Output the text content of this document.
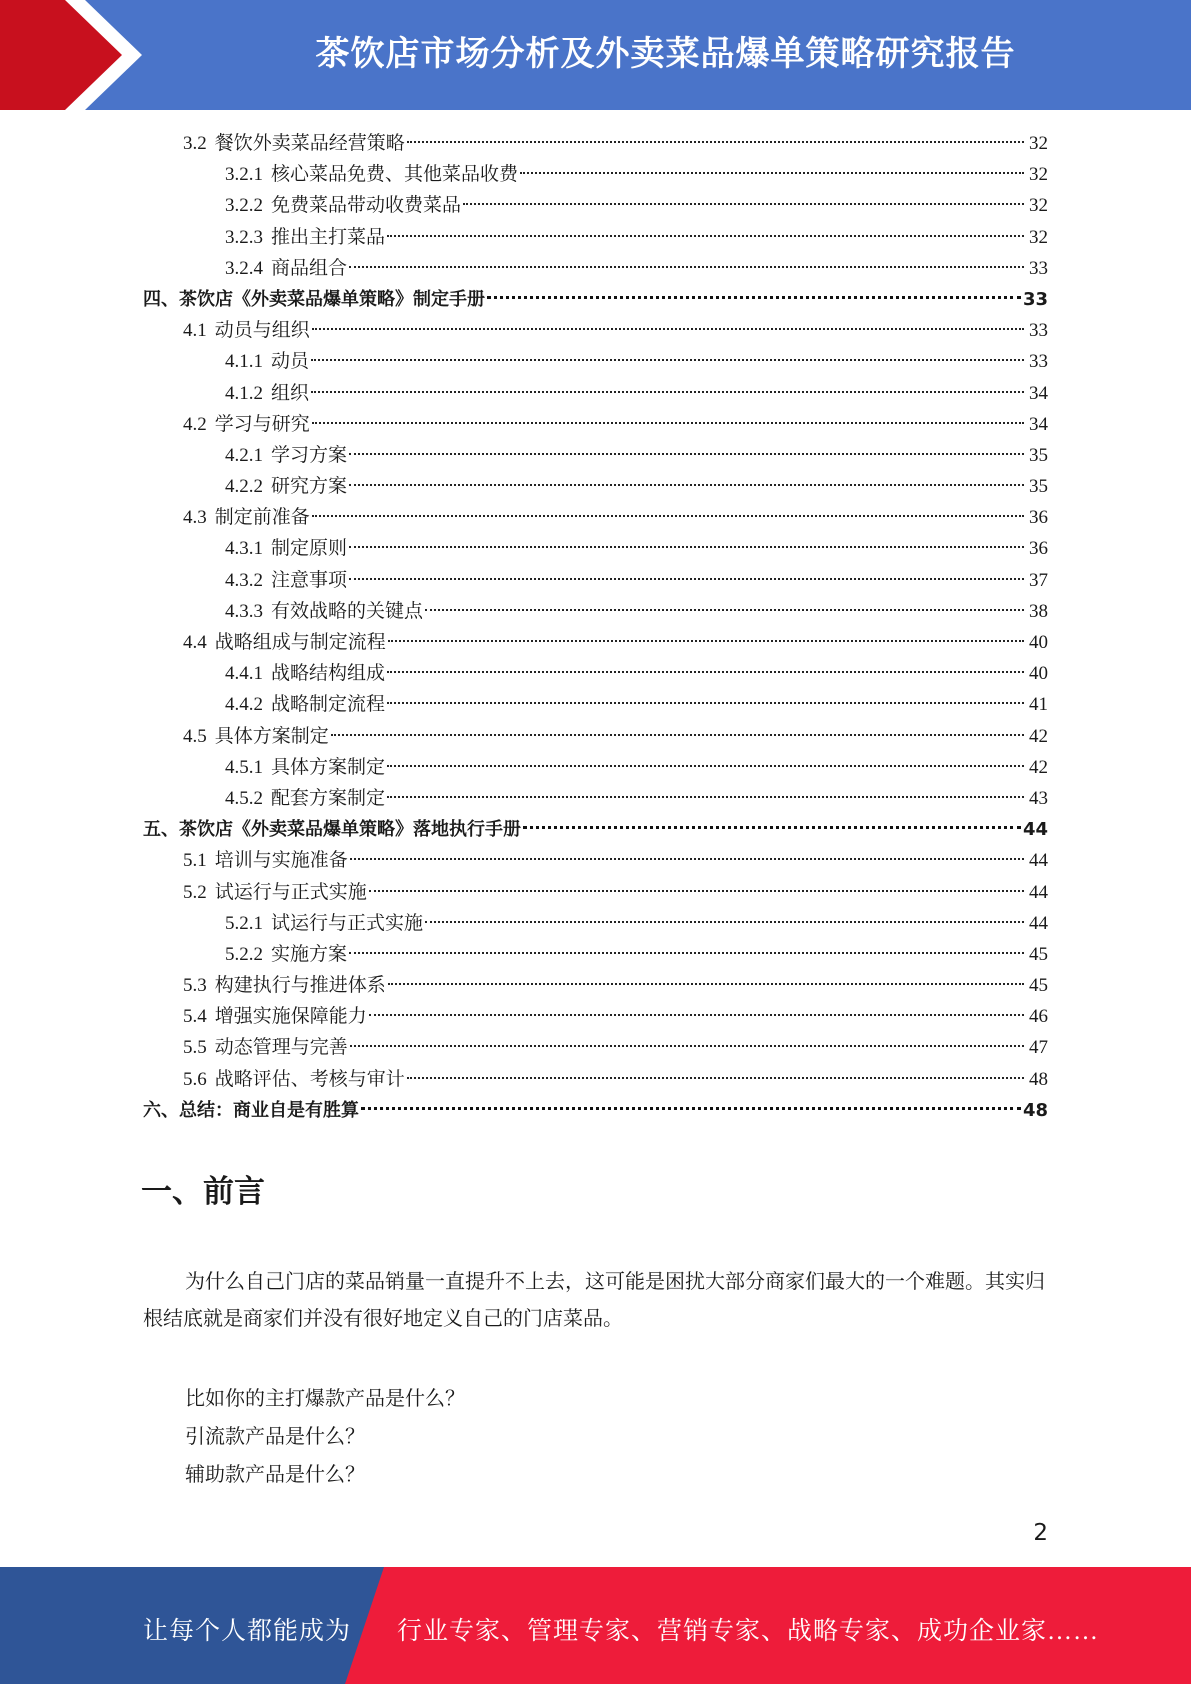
茶饮店市场分析及外卖菜品爆单策略研究报告
3.2 餐饮外卖菜品经营策略	32
3.2.1 核心菜品免费、其他菜品收费	32
3.2.2 免费菜品带动收费菜品	32
3.2.3 推出主打菜品	32
3.2.4 商品组合	33
四、茶饮店《外卖菜品爆单策略》制定手册	33
4.1 动员与组织	33
4.1.1 动员	33
4.1.2 组织	34
4.2 学习与研究	34
4.2.1 学习方案	35
4.2.2 研究方案	35
4.3 制定前准备	36
4.3.1 制定原则	36
4.3.2 注意事项	37
4.3.3 有效战略的关键点	38
4.4 战略组成与制定流程	40
4.4.1 战略结构组成	40
4.4.2 战略制定流程	41
4.5 具体方案制定	42
4.5.1 具体方案制定	42
4.5.2 配套方案制定	43
五、茶饮店《外卖菜品爆单策略》落地执行手册	44
5.1 培训与实施准备	44
5.2 试运行与正式实施	44
5.2.1 试运行与正式实施	44
5.2.2 实施方案	45
5.3 构建执行与推进体系	45
5.4 增强实施保障能力	46
5.5 动态管理与完善	47
5.6 战略评估、考核与审计	48
六、总结：商业自是有胜算	48
一、前言

为什么自己门店的菜品销量一直提升不上去，这可能是困扰大部分商家们最大的一个难题。其实归根结底就是商家们并没有很好地定义自己的门店菜品。

比如你的主打爆款产品是什么？

引流款产品是什么？

辅助款产品是什么？

2
让每个人都能成为 行业专家、管理专家、营销专家、战略专家、成功企业家……
